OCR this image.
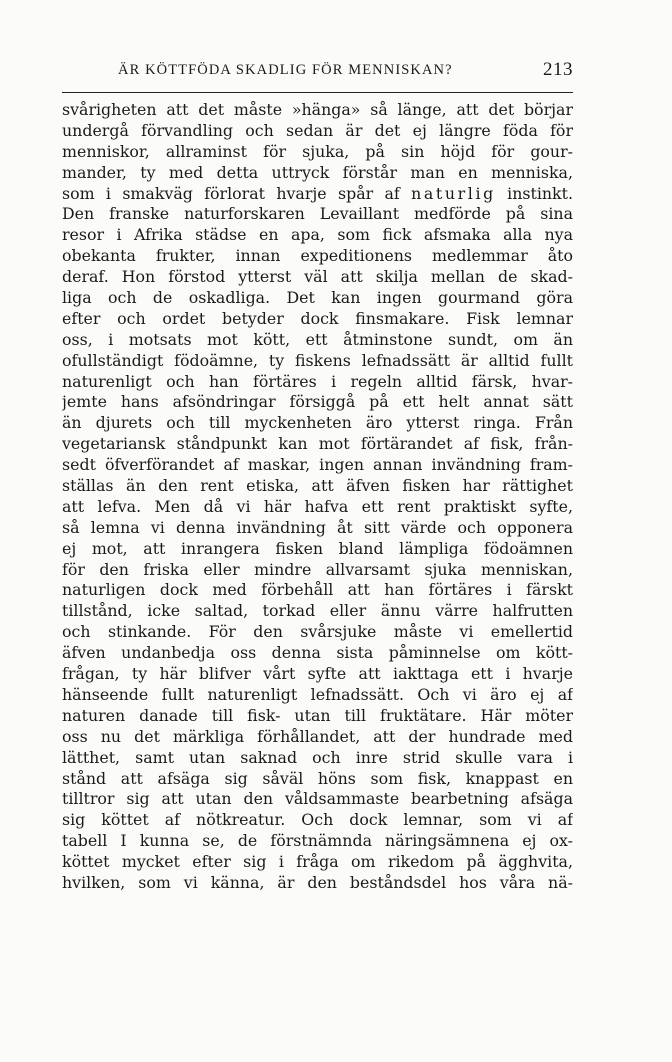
ÄR KÖTTFÖDA SKADLIG FÖR MENNISKAN?	213
svårigheten att det måste »hänga» så länge, att det börjar
undergå förvandling och sedan är det ej längre föda för
menniskor, allraminst för sjuka, på sin höjd för gour-
mander, ty med detta uttryck förstår man en menniska,
som i smakväg förlorat hvarje spår af naturlig instinkt.
Den franske naturforskaren Levaillant medförde på sina
resor i Afrika städse en apa, som fick afsmaka alla nya
obekanta frukter, innan expeditionens medlemmar åto
deraf. Hon förstod ytterst väl att skilja mellan de skad-
liga och de oskadliga. Det kan ingen gourmand göra
efter och ordet betyder dock finsmakare. Fisk lemnar
oss, i motsats mot kött, ett åtminstone sundt, om än
ofullständigt födoämne, ty fiskens lefnadssätt är alltid fullt
naturenligt och han förtäres i regeln alltid färsk, hvar-
jemte hans afsöndringar försiggå på ett helt annat sätt
än djurets och till myckenheten äro ytterst ringa. Från
vegetariansk ståndpunkt kan mot förtärandet af fisk, från-
sedt öfverförandet af maskar, ingen annan invändning fram-
ställas än den rent etiska, att äfven fisken har rättighet
att lefva. Men då vi här hafva ett rent praktiskt syfte,
så lemna vi denna invändning åt sitt värde och opponera
ej mot, att inrangera fisken bland lämpliga födoämnen
för den friska eller mindre allvarsamt sjuka menniskan,
naturligen dock med förbehåll att han förtäres i färskt
tillstånd, icke saltad, torkad eller ännu värre halfrutten
och stinkande. För den svårsjuke måste vi emellertid
äfven undanbedja oss denna sista påminnelse om kött-
frågan, ty här blifver vårt syfte att iakttaga ett i hvarje
hänseende fullt naturenligt lefnadssätt. Och vi äro ej af
naturen danade till fisk- utan till fruktätare. Här möter
oss nu det märkliga förhållandet, att der hundrade med
lätthet, samt utan saknad och inre strid skulle vara i
stånd att afsäga sig såväl höns som fisk, knappast en
tilltror sig att utan den våldsammaste bearbetning afsäga
sig köttet af nötkreatur. Och dock lemnar, som vi af
tabell I kunna se, de förstnämnda näringsämnena ej ox-
köttet mycket efter sig i fråga om rikedom på ägghvita,
hvilken, som vi känna, är den beståndsdel hos våra nä-
